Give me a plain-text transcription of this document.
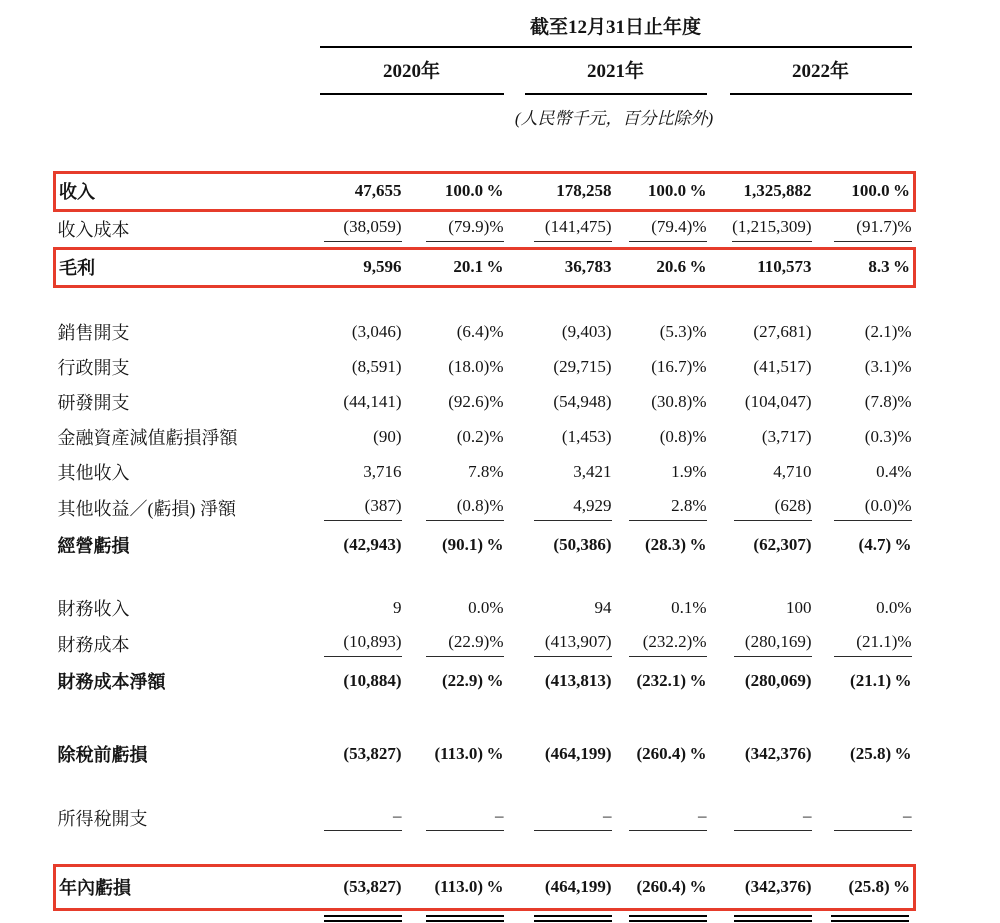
	截至12月31日止年度					

	2020年		2021年		2022年	

	(人民幣千元，百分比除外)					

收入	47,655	100.0 %	178,258	100.0 %	1,325,882	100.0 %
收入成本	(38,059)	(79.9)%	(141,475)	(79.4)%	(1,215,309)	(91.7)%
毛利	9,596	20.1 %	36,783	20.6 %	110,573	8.3 %

銷售開支	(3,046)	(6.4)%	(9,403)	(5.3)%	(27,681)	(2.1)%
行政開支	(8,591)	(18.0)%	(29,715)	(16.7)%	(41,517)	(3.1)%
研發開支	(44,141)	(92.6)%	(54,948)	(30.8)%	(104,047)	(7.8)%
金融資產減值虧損淨額	(90)	(0.2)%	(1,453)	(0.8)%	(3,717)	(0.3)%
其他收入	3,716	7.8%	3,421	1.9%	4,710	0.4%
其他收益／(虧損) 淨額	(387)	(0.8)%	4,929	2.8%	(628)	(0.0)%
經營虧損	(42,943)	(90.1) %	(50,386)	(28.3) %	(62,307)	(4.7) %

財務收入	9	0.0%	94	0.1%	100	0.0%
財務成本	(10,893)	(22.9)%	(413,907)	(232.2)%	(280,169)	(21.1)%
財務成本淨額	(10,884)	(22.9) %	(413,813)	(232.1) %	(280,069)	(21.1) %

除稅前虧損	(53,827)	(113.0) %	(464,199)	(260.4) %	(342,376)	(25.8) %

所得稅開支	–	–	–	–	–	–

年內虧損	(53,827)	(113.0) %	(464,199)	(260.4) %	(342,376)	(25.8) %
